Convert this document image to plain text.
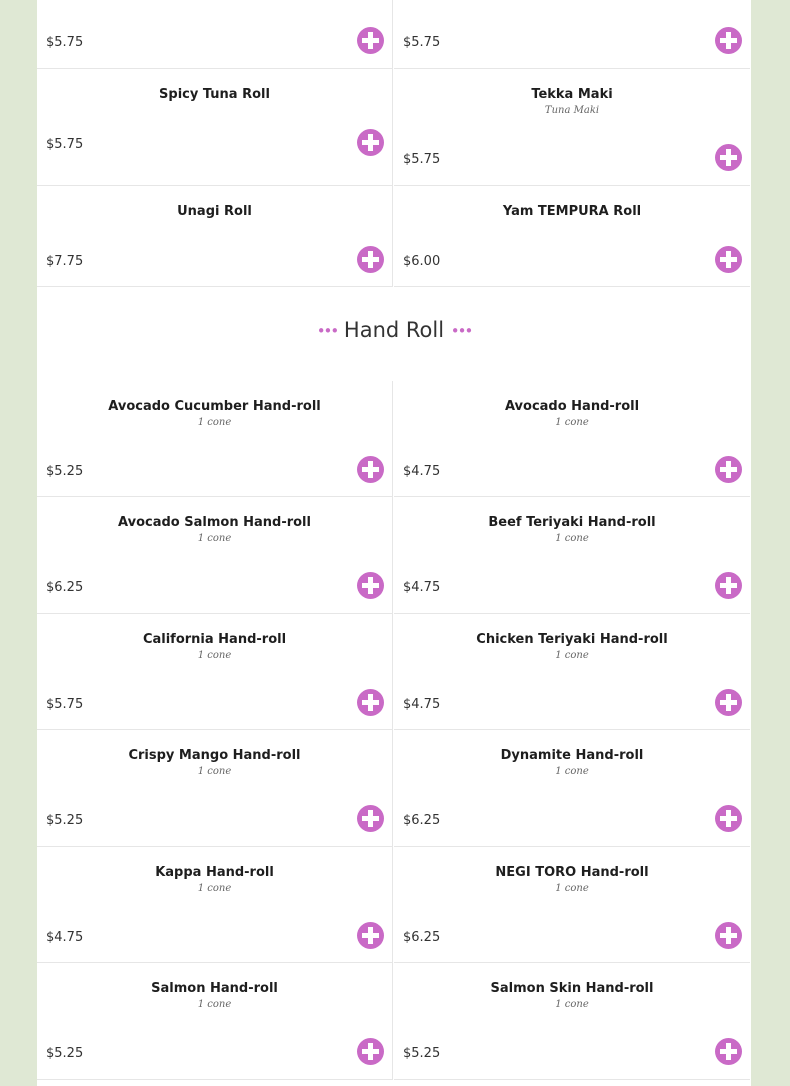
$5.75	$5.75
Spicy Tuna Roll
$5.75
Tekka Maki
Tuna Maki
$5.75
Unagi Roll
$7.75
Yam TEMPURA Roll
$6.00
••• Hand Roll •••
Avocado Cucumber Hand-roll
1 cone
$5.25
Avocado Hand-roll
1 cone
$4.75
Avocado Salmon Hand-roll
1 cone
$6.25
Beef Teriyaki Hand-roll
1 cone
$4.75
California Hand-roll
1 cone
$5.75
Chicken Teriyaki Hand-roll
1 cone
$4.75
Crispy Mango Hand-roll
1 cone
$5.25
Dynamite Hand-roll
1 cone
$6.25
Kappa Hand-roll
1 cone
$4.75
NEGI TORO Hand-roll
1 cone
$6.25
Salmon Hand-roll
1 cone
$5.25
Salmon Skin Hand-roll
1 cone
$5.25
